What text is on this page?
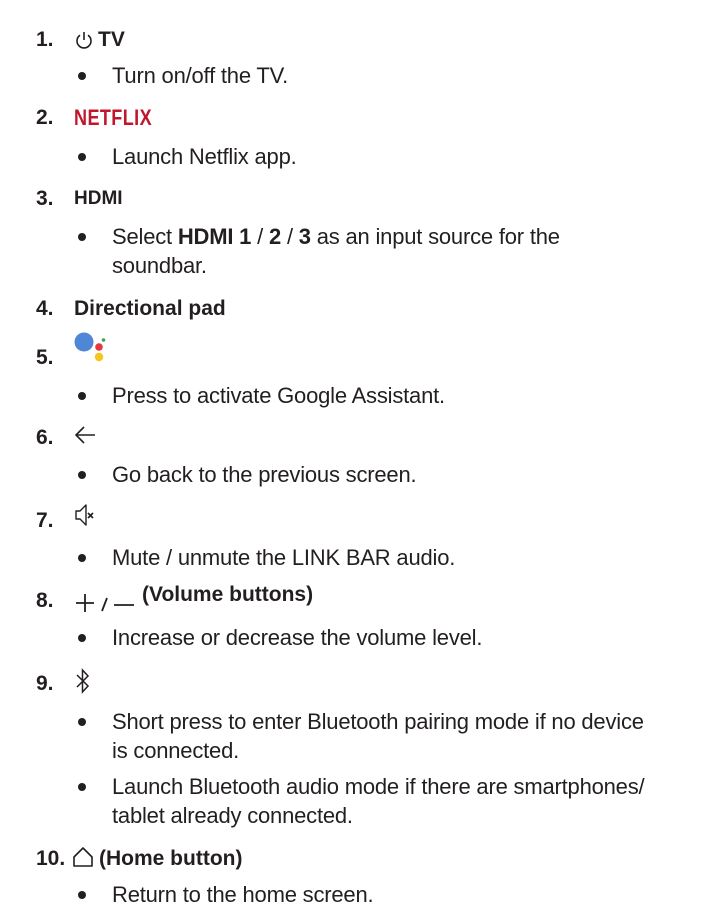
1.	TV
Turn on/off the TV.
2. NETFLIX
Launch Netflix app.
3.	HDMI
Select HDMI 1 / 2 / 3 as an input source for the
soundbar.
4. Directional pad
5.
Press to activate Google Assistant.
6.
Go back to the previous screen.
7.
Mute / unmute the LINK BAR audio.
8.	(Volume buttons)
Increase or decrease the volume level.
9.
Short press to enter Bluetooth pairing mode if no device
is connected.
Launch Bluetooth audio mode if there are smartphones/
tablet already connected.
10.	(Home button)
Return to the home screen.
